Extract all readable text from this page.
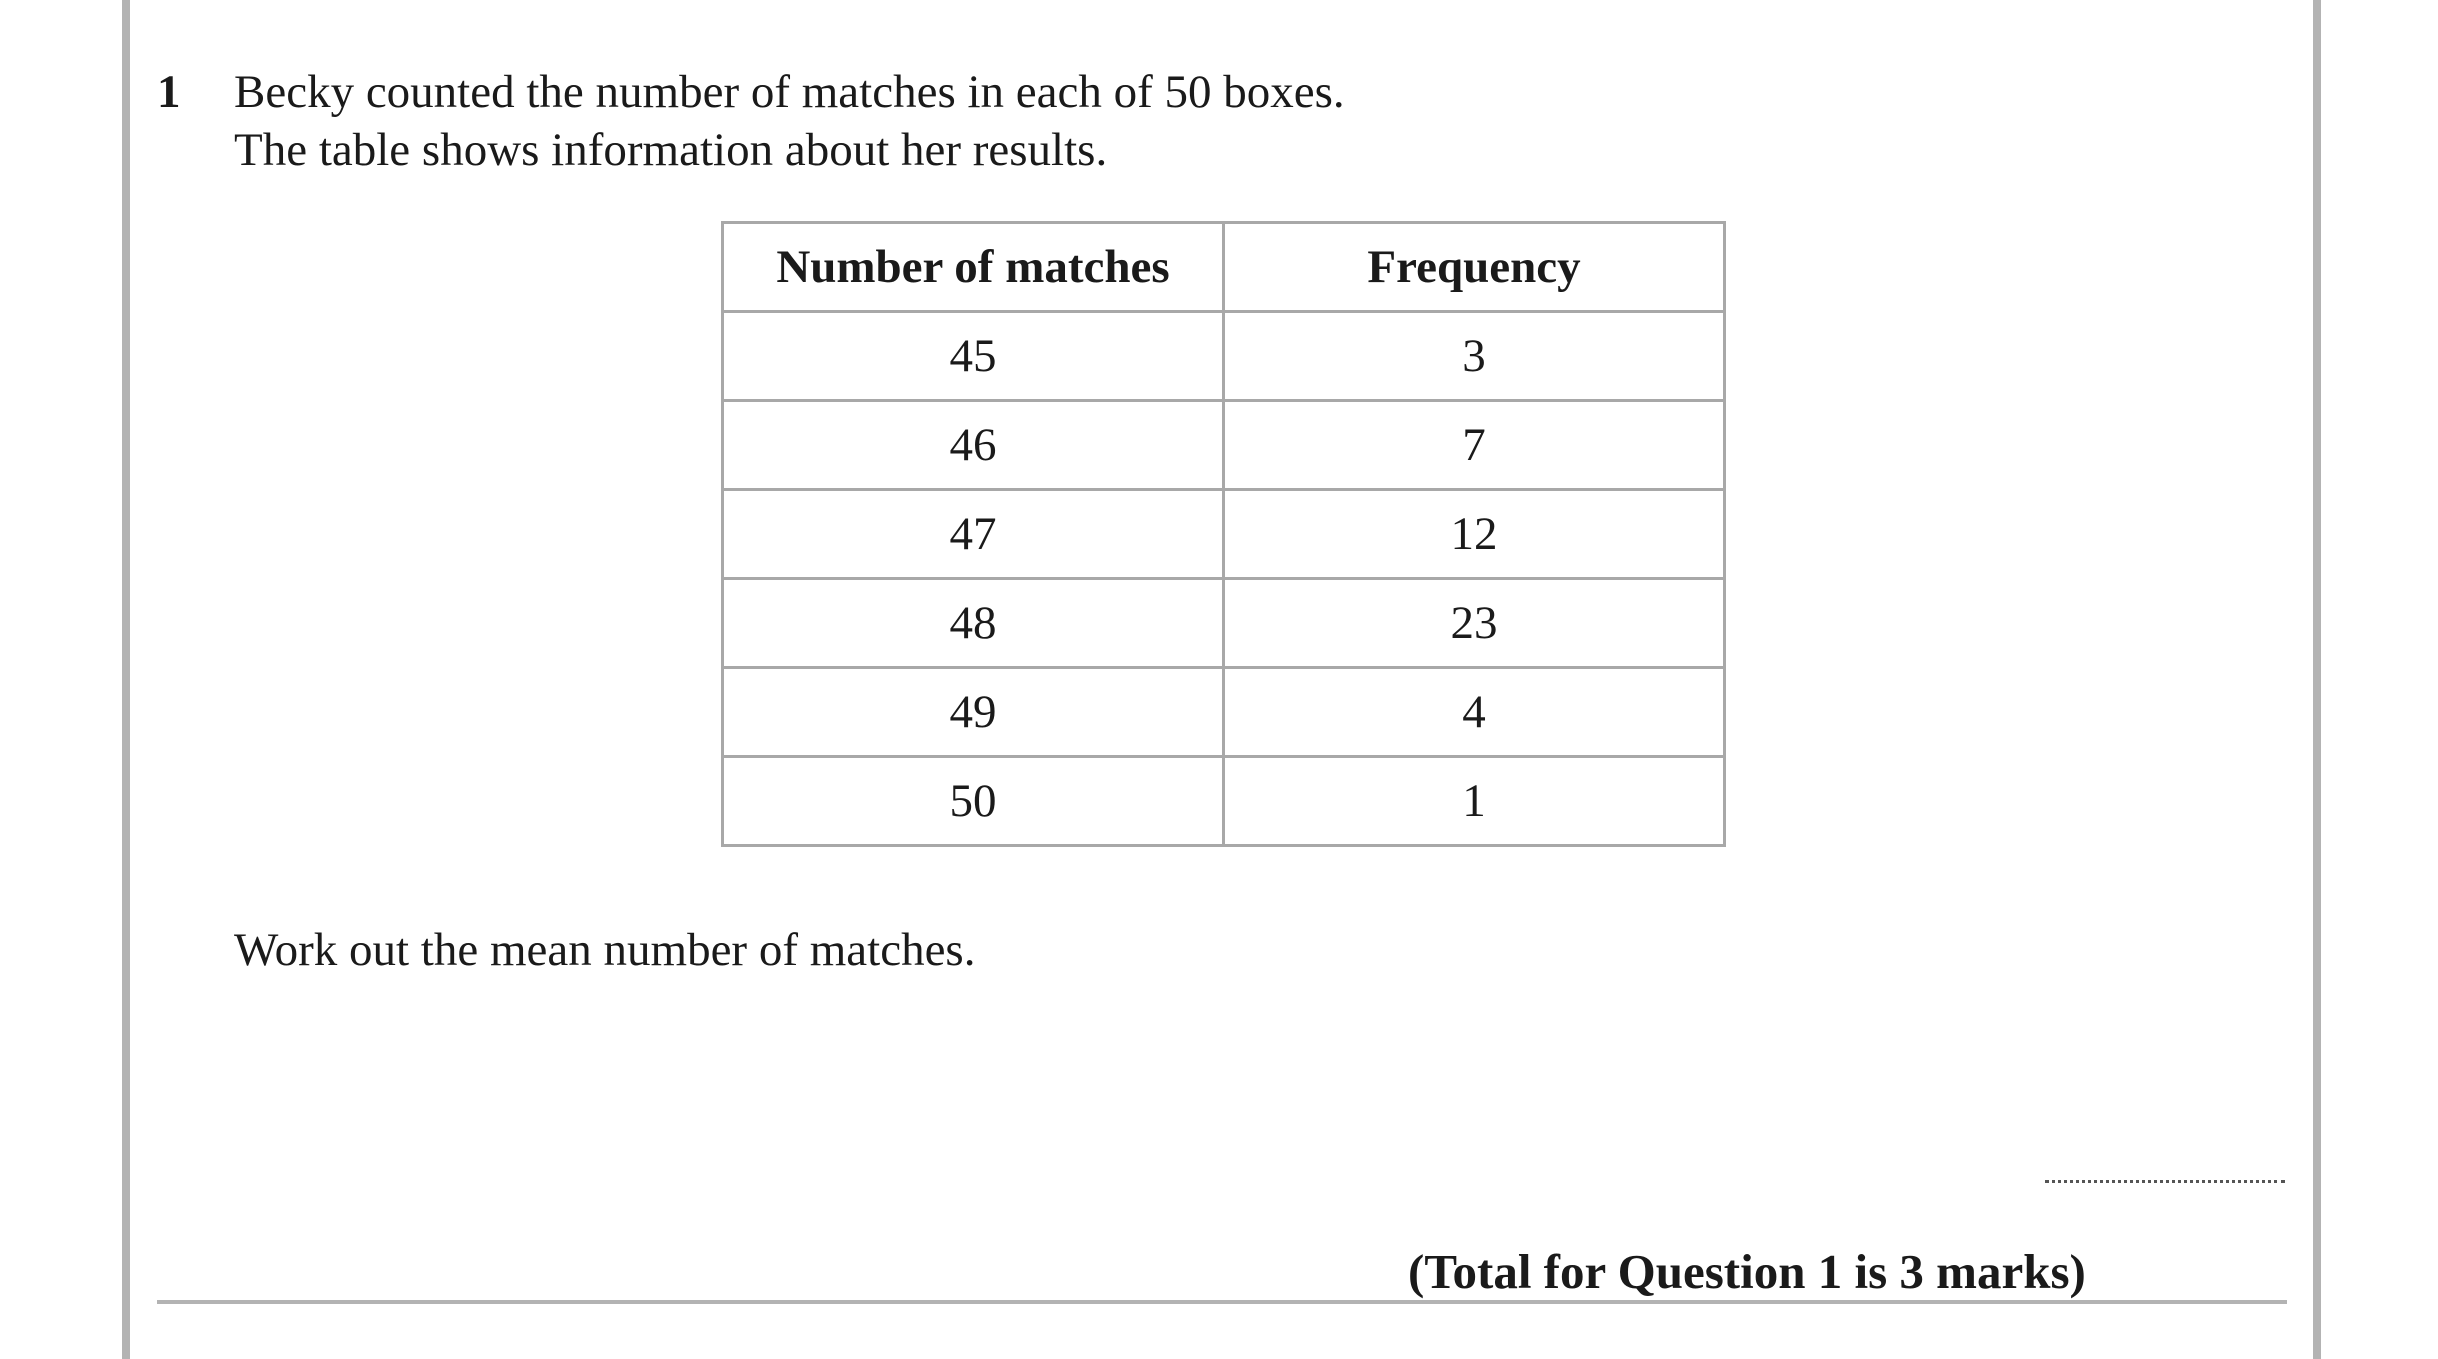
1 Becky counted the number of matches in each of 50 boxes.
The table shows information about her results.
Number of matches	Frequency
45	3
46	7
47	12
48	23
49	4
50	1
Work out the mean number of matches.
(Total for Question 1 is 3 marks)
